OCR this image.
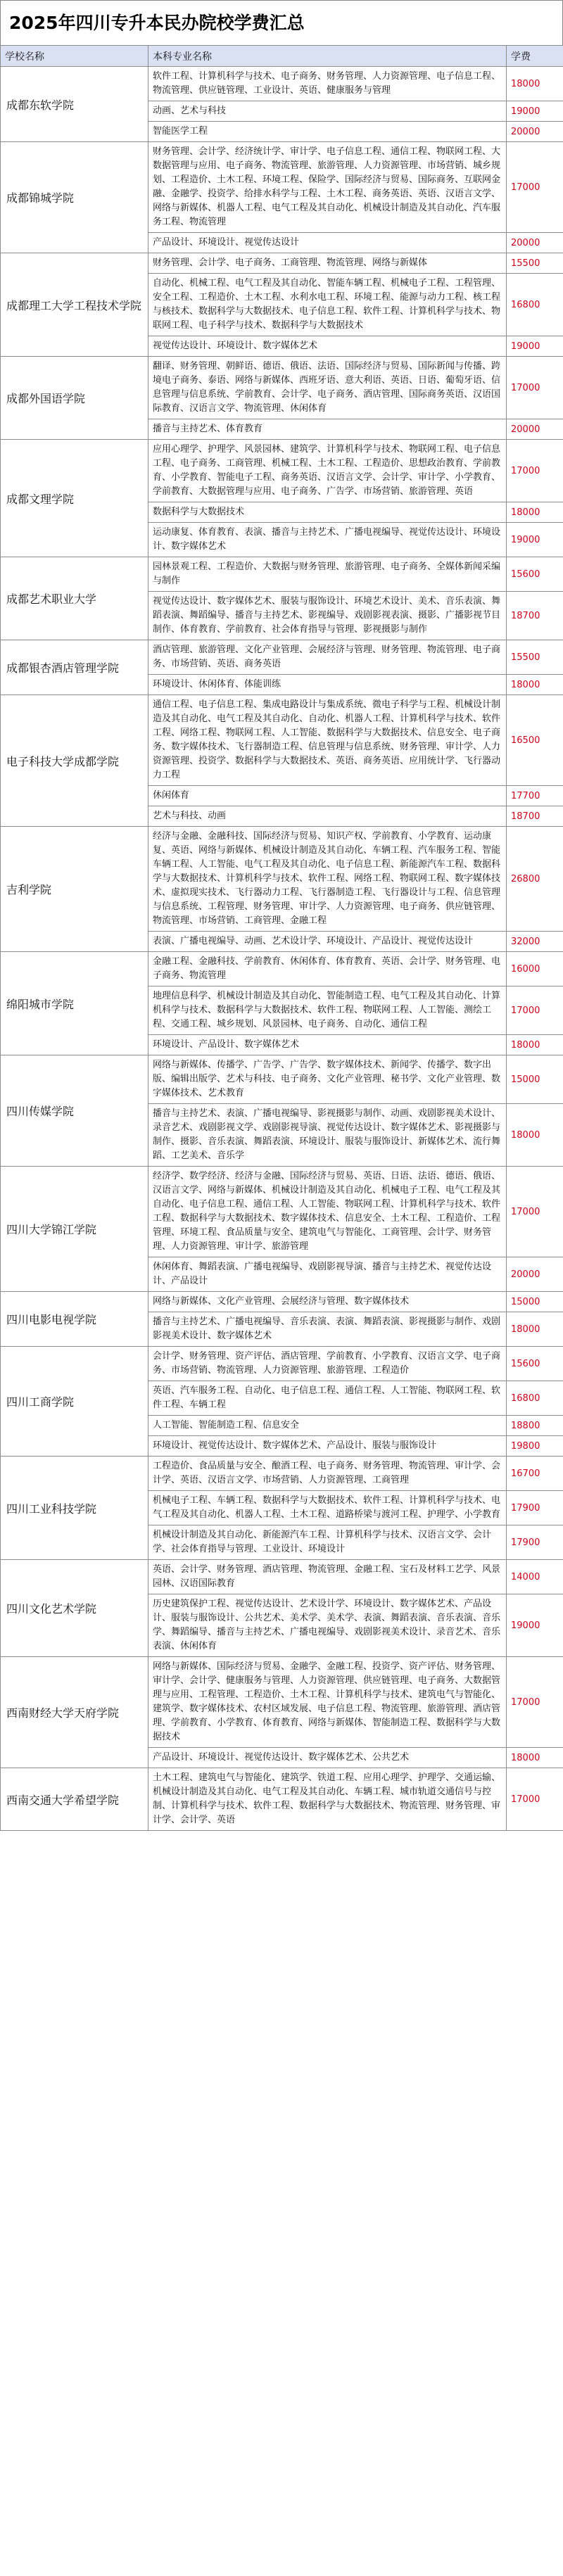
2025年四川专升本民办院校学费汇总
学校名称	本科专业名称	学费
成都东软学院	软件工程、计算机科学与技术、电子商务、财务管理、人力资源管理、电子信息工程、物流管理、供应链管理、工业设计、英语、健康服务与管理	18000
	动画、艺术与科技	19000
	智能医学工程	20000
成都锦城学院	财务管理、会计学、经济统计学、审计学、电子信息工程、通信工程、物联网工程、大数据管理与应用、电子商务、物流管理、旅游管理、人力资源管理、市场营销、城乡规划、工程造价、土木工程、环境工程、保险学、国际经济与贸易、国际商务、互联网金融、金融学、投资学、给排水科学与工程、土木工程、商务英语、英语、汉语言文学、网络与新媒体、机器人工程、电气工程及其自动化、机械设计制造及其自动化、汽车服务工程、物流管理	17000
	产品设计、环境设计、视觉传达设计	20000
成都理工大学工程技术学院	财务管理、会计学、电子商务、工商管理、物流管理、网络与新媒体	15500
	自动化、机械工程、电气工程及其自动化、智能车辆工程、机械电子工程、工程管理、安全工程、工程造价、土木工程、水利水电工程、环境工程、能源与动力工程、核工程与核技术、数据科学与大数据技术、电子信息工程、软件工程、计算机科学与技术、物联网工程、电子科学与技术、数据科学与大数据技术	16800
	视觉传达设计、环境设计、数字媒体艺术	19000
成都外国语学院	翻译、财务管理、朝鲜语、德语、俄语、法语、国际经济与贸易、国际新闻与传播、跨境电子商务、泰语、网络与新媒体、西班牙语、意大利语、英语、日语、葡萄牙语、信息管理与信息系统、学前教育、会计学、电子商务、酒店管理、国际商务英语、汉语国际教育、汉语言文学、物流管理、休闲体育	17000
	播音与主持艺术、体育教育	20000
成都文理学院	应用心理学、护理学、风景园林、建筑学、计算机科学与技术、物联网工程、电子信息工程、电子商务、工商管理、机械工程、土木工程、工程造价、思想政治教育、学前教育、小学教育、智能电子工程、商务英语、汉语言文学、会计学、审计学、小学教育、学前教育、大数据管理与应用、电子商务、广告学、市场营销、旅游管理、英语	17000
	数据科学与大数据技术	18000
	运动康复、体育教育、表演、播音与主持艺术、广播电视编导、视觉传达设计、环境设计、数字媒体艺术	19000
成都艺术职业大学	园林景观工程、工程造价、大数据与财务管理、旅游管理、电子商务、全媒体新闻采编与制作	15600
	视觉传达设计、数字媒体艺术、服装与服饰设计、环境艺术设计、美术、音乐表演、舞蹈表演、舞蹈编导、播音与主持艺术、影视编导、戏剧影视表演、摄影、广播影视节目制作、体育教育、学前教育、社会体育指导与管理、影视摄影与制作	18700
成都银杏酒店管理学院	酒店管理、旅游管理、文化产业管理、会展经济与管理、财务管理、物流管理、电子商务、市场营销、英语、商务英语	15500
	环境设计、休闲体育、体能训练	18000
电子科技大学成都学院	通信工程、电子信息工程、集成电路设计与集成系统、微电子科学与工程、机械设计制造及其自动化、电气工程及其自动化、自动化、机器人工程、计算机科学与技术、软件工程、网络工程、物联网工程、人工智能、数据科学与大数据技术、信息安全、电子商务、数字媒体技术、飞行器制造工程、信息管理与信息系统、财务管理、审计学、人力资源管理、投资学、数据科学与大数据技术、英语、商务英语、应用统计学、飞行器动力工程	16500
	休闲体育	17700
	艺术与科技、动画	18700
吉利学院	经济与金融、金融科技、国际经济与贸易、知识产权、学前教育、小学教育、运动康复、英语、网络与新媒体、机械设计制造及其自动化、车辆工程、汽车服务工程、智能车辆工程、人工智能、电气工程及其自动化、电子信息工程、新能源汽车工程、数据科学与大数据技术、计算机科学与技术、软件工程、网络工程、物联网工程、数字媒体技术、虚拟现实技术、飞行器动力工程、飞行器制造工程、飞行器设计与工程、信息管理与信息系统、工程管理、财务管理、审计学、人力资源管理、电子商务、供应链管理、物流管理、市场营销、工商管理、金融工程	26800
	表演、广播电视编导、动画、艺术设计学、环境设计、产品设计、视觉传达设计	32000
绵阳城市学院	金融工程、金融科技、学前教育、休闲体育、体育教育、英语、会计学、财务管理、电子商务、物流管理	16000
	地理信息科学、机械设计制造及其自动化、智能制造工程、电气工程及其自动化、计算机科学与技术、数据科学与大数据技术、软件工程、物联网工程、人工智能、测绘工程、交通工程、城乡规划、风景园林、电子商务、自动化、通信工程	17000
	环境设计、产品设计、数字媒体艺术	18000
四川传媒学院	网络与新媒体、传播学、广告学、广告学、数字媒体技术、新闻学、传播学、数字出版、编辑出版学、艺术与科技、电子商务、文化产业管理、秘书学、文化产业管理、数字媒体技术、艺术教育	15000
	播音与主持艺术、表演、广播电视编导、影视摄影与制作、动画、戏剧影视美术设计、录音艺术、戏剧影视文学、戏剧影视导演、视觉传达设计、数字媒体艺术、影视摄影与制作、摄影、音乐表演、舞蹈表演、环境设计、服装与服饰设计、新媒体艺术、流行舞蹈、工艺美术、音乐学	18000
四川大学锦江学院	经济学、数学经济、经济与金融、国际经济与贸易、英语、日语、法语、德语、俄语、汉语言文学、网络与新媒体、机械设计制造及其自动化、机械电子工程、电气工程及其自动化、电子信息工程、通信工程、人工智能、物联网工程、计算机科学与技术、软件工程、数据科学与大数据技术、数字媒体技术、信息安全、土木工程、工程造价、工程管理、环境工程、食品质量与安全、建筑电气与智能化、工商管理、会计学、财务管理、人力资源管理、审计学、旅游管理	17000
	休闲体育、舞蹈表演、广播电视编导、戏剧影视导演、播音与主持艺术、视觉传达设计、产品设计	20000
四川电影电视学院	网络与新媒体、文化产业管理、会展经济与管理、数字媒体技术	15000
	播音与主持艺术、广播电视编导、音乐表演、表演、舞蹈表演、影视摄影与制作、戏剧影视美术设计、数字媒体艺术	18000
四川工商学院	会计学、财务管理、资产评估、酒店管理、学前教育、小学教育、汉语言文学、电子商务、市场营销、物流管理、人力资源管理、旅游管理、工程造价	15600
	英语、汽车服务工程、自动化、电子信息工程、通信工程、人工智能、物联网工程、软件工程、车辆工程	16800
	人工智能、智能制造工程、信息安全	18800
	环境设计、视觉传达设计、数字媒体艺术、产品设计、服装与服饰设计	19800
四川工业科技学院	工程造价、食品质量与安全、酿酒工程、电子商务、财务管理、物流管理、审计学、会计学、英语、汉语言文学、市场营销、人力资源管理、工商管理	16700
	机械电子工程、车辆工程、数据科学与大数据技术、软件工程、计算机科学与技术、电气工程及其自动化、机器人工程、土木工程、道路桥梁与渡河工程、护理学、小学教育	17900
	机械设计制造及其自动化、新能源汽车工程、计算机科学与技术、汉语言文学、会计学、社会体育指导与管理、工业设计、环境设计	17900
四川文化艺术学院	英语、会计学、财务管理、酒店管理、物流管理、金融工程、宝石及材料工艺学、风景园林、汉语国际教育	14000
	历史建筑保护工程、视觉传达设计、艺术设计学、环境设计、数字媒体艺术、产品设计、服装与服饰设计、公共艺术、美术学、美术学、表演、舞蹈表演、音乐表演、音乐学、舞蹈编导、播音与主持艺术、广播电视编导、戏剧影视美术设计、录音艺术、音乐表演、休闲体育	19000
西南财经大学天府学院	网络与新媒体、国际经济与贸易、金融学、金融工程、投资学、资产评估、财务管理、审计学、会计学、健康服务与管理、人力资源管理、供应链管理、电子商务、大数据管理与应用、工程管理、工程造价、土木工程、计算机科学与技术、建筑电气与智能化、建筑学、数字媒体技术、农村区域发展、电子信息工程、物流管理、旅游管理、酒店管理、学前教育、小学教育、体育教育、网络与新媒体、智能制造工程、数据科学与大数据技术	17000
	产品设计、环境设计、视觉传达设计、数字媒体艺术、公共艺术	18000
西南交通大学希望学院	土木工程、建筑电气与智能化、建筑学、铁道工程、应用心理学、护理学、交通运输、机械设计制造及其自动化、电气工程及其自动化、车辆工程、城市轨道交通信号与控制、计算机科学与技术、软件工程、数据科学与大数据技术、物流管理、财务管理、审计学、会计学、英语	17000
